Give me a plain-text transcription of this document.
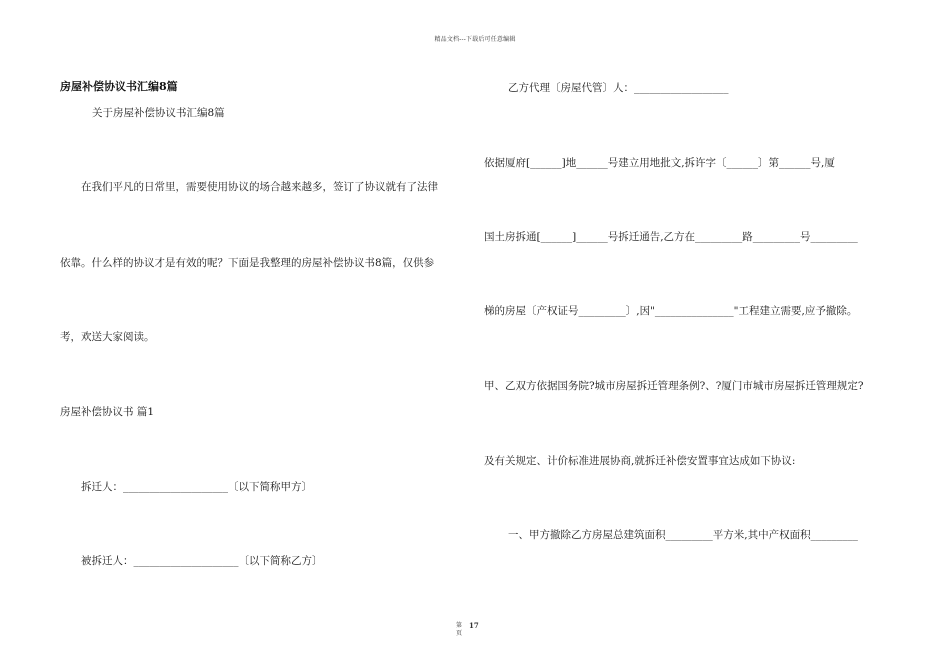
精品文档---下载后可任意编辑
房屋补偿协议书汇编8篇
关于房屋补偿协议书汇编8篇
在我们平凡的日常里，需要使用协议的场合越来越多，签订了协议就有了法律
依靠。什么样的协议才是有效的呢？下面是我整理的房屋补偿协议书8篇，仅供参
考，欢送大家阅读。
房屋补偿协议书 篇1
拆迁人：____________________〔以下简称甲方〕
被拆迁人：____________________〔以下简称乙方〕
乙方代理〔房屋代管〕人：__________________
依据厦府[______]地______号建立用地批文,拆许字〔______〕第______号,厦
国土房拆通[______]______号拆迁通告,乙方在_________路_________号_________
梯的房屋〔产权证号_________〕,因"_______________"工程建立需要,应予撤除。
甲、乙双方依据国务院?城市房屋拆迁管理条例?、?厦门市城市房屋拆迁管理规定?
及有关规定、计价标准进展协商,就拆迁补偿安置事宜达成如下协议:
一、甲方撤除乙方房屋总建筑面积_________平方米,其中产权面积_________
第
页
17
